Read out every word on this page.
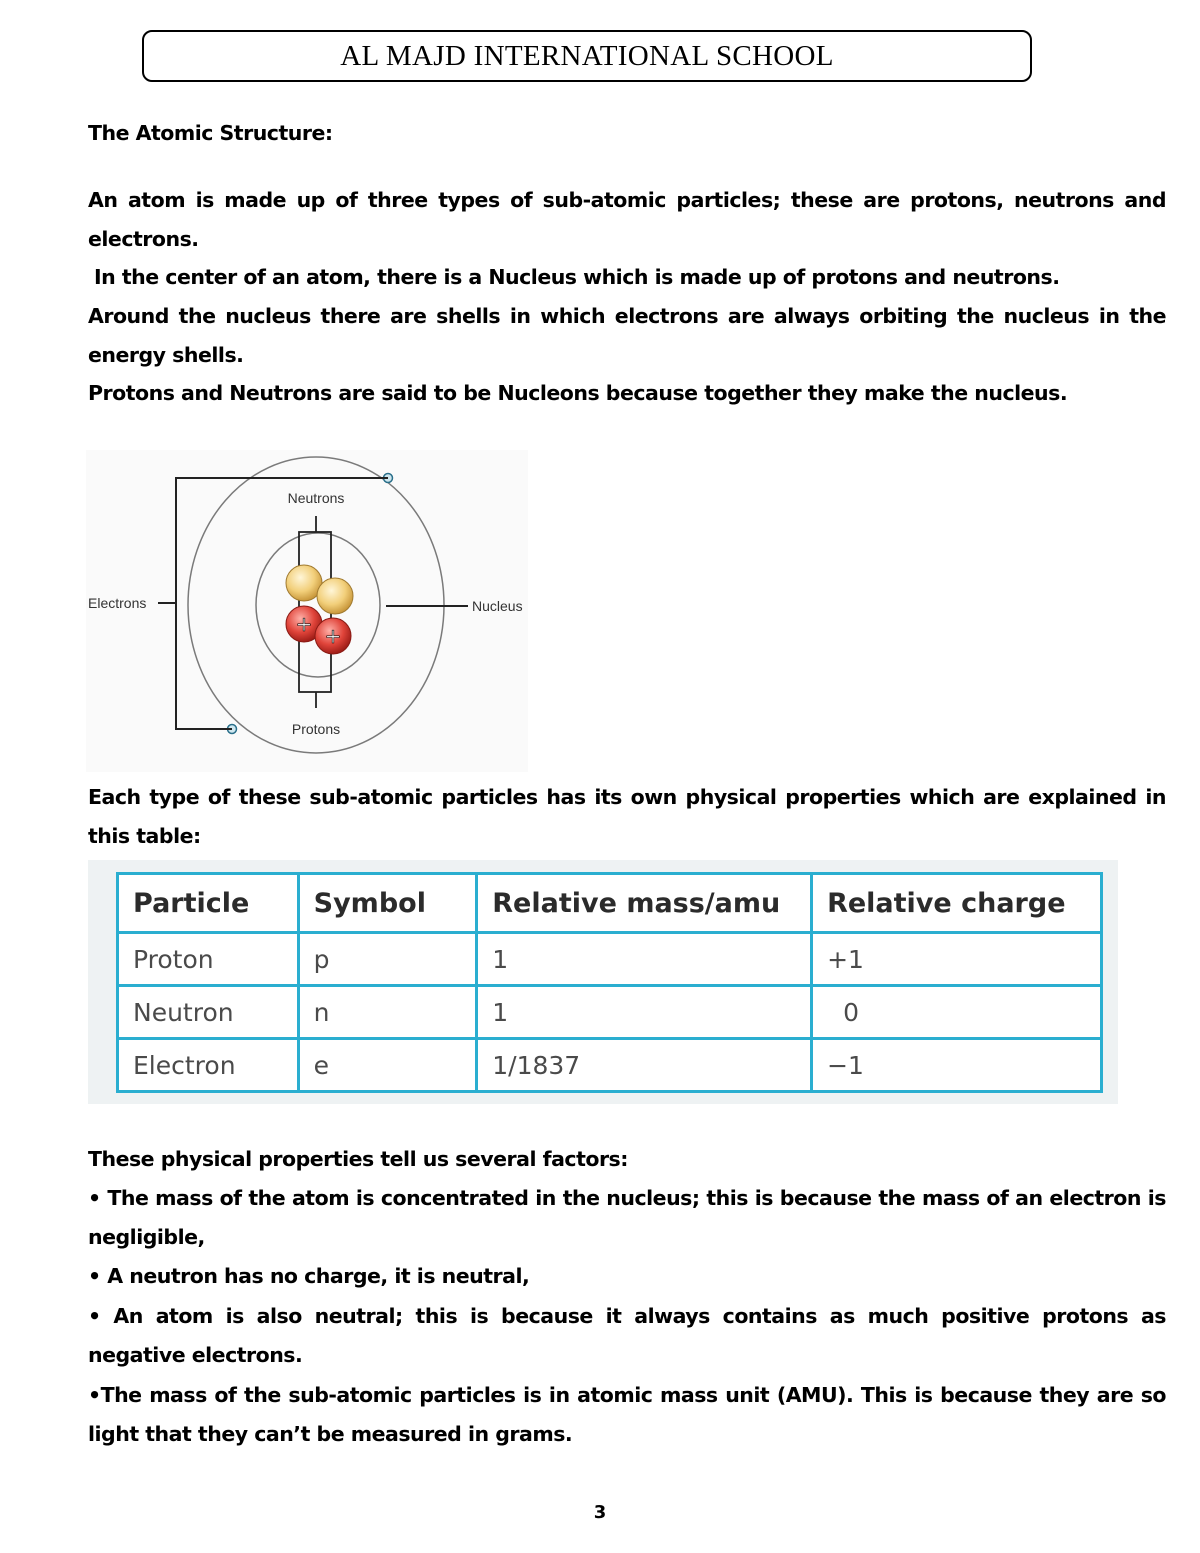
AL MAJD INTERNATIONAL SCHOOL
The Atomic Structure:
An atom is made up of three types of sub-atomic particles; these are protons, neutrons and electrons.
In the center of an atom, there is a Nucleus which is made up of protons and neutrons.
Around the nucleus there are shells in which electrons are always orbiting the nucleus in the energy shells.
Protons and Neutrons are said to be Nucleons because together they make the nucleus.
+ +
Neutrons
Electrons	Nucleus
Protons
Each type of these sub-atomic particles has its own physical properties which are explained in this table:
Particle	Symbol	Relative mass/amu	Relative charge
Proton	p	1	+1
Neutron	n	1	0
Electron	e	1/1837	−1
These physical properties tell us several factors:
• The mass of the atom is concentrated in the nucleus; this is because the mass of an electron is negligible,
• A neutron has no charge, it is neutral,
• An atom is also neutral; this is because it always contains as much positive protons as negative electrons.
•The mass of the sub-atomic particles is in atomic mass unit (AMU). This is because they are so light that they can’t be measured in grams.
3
